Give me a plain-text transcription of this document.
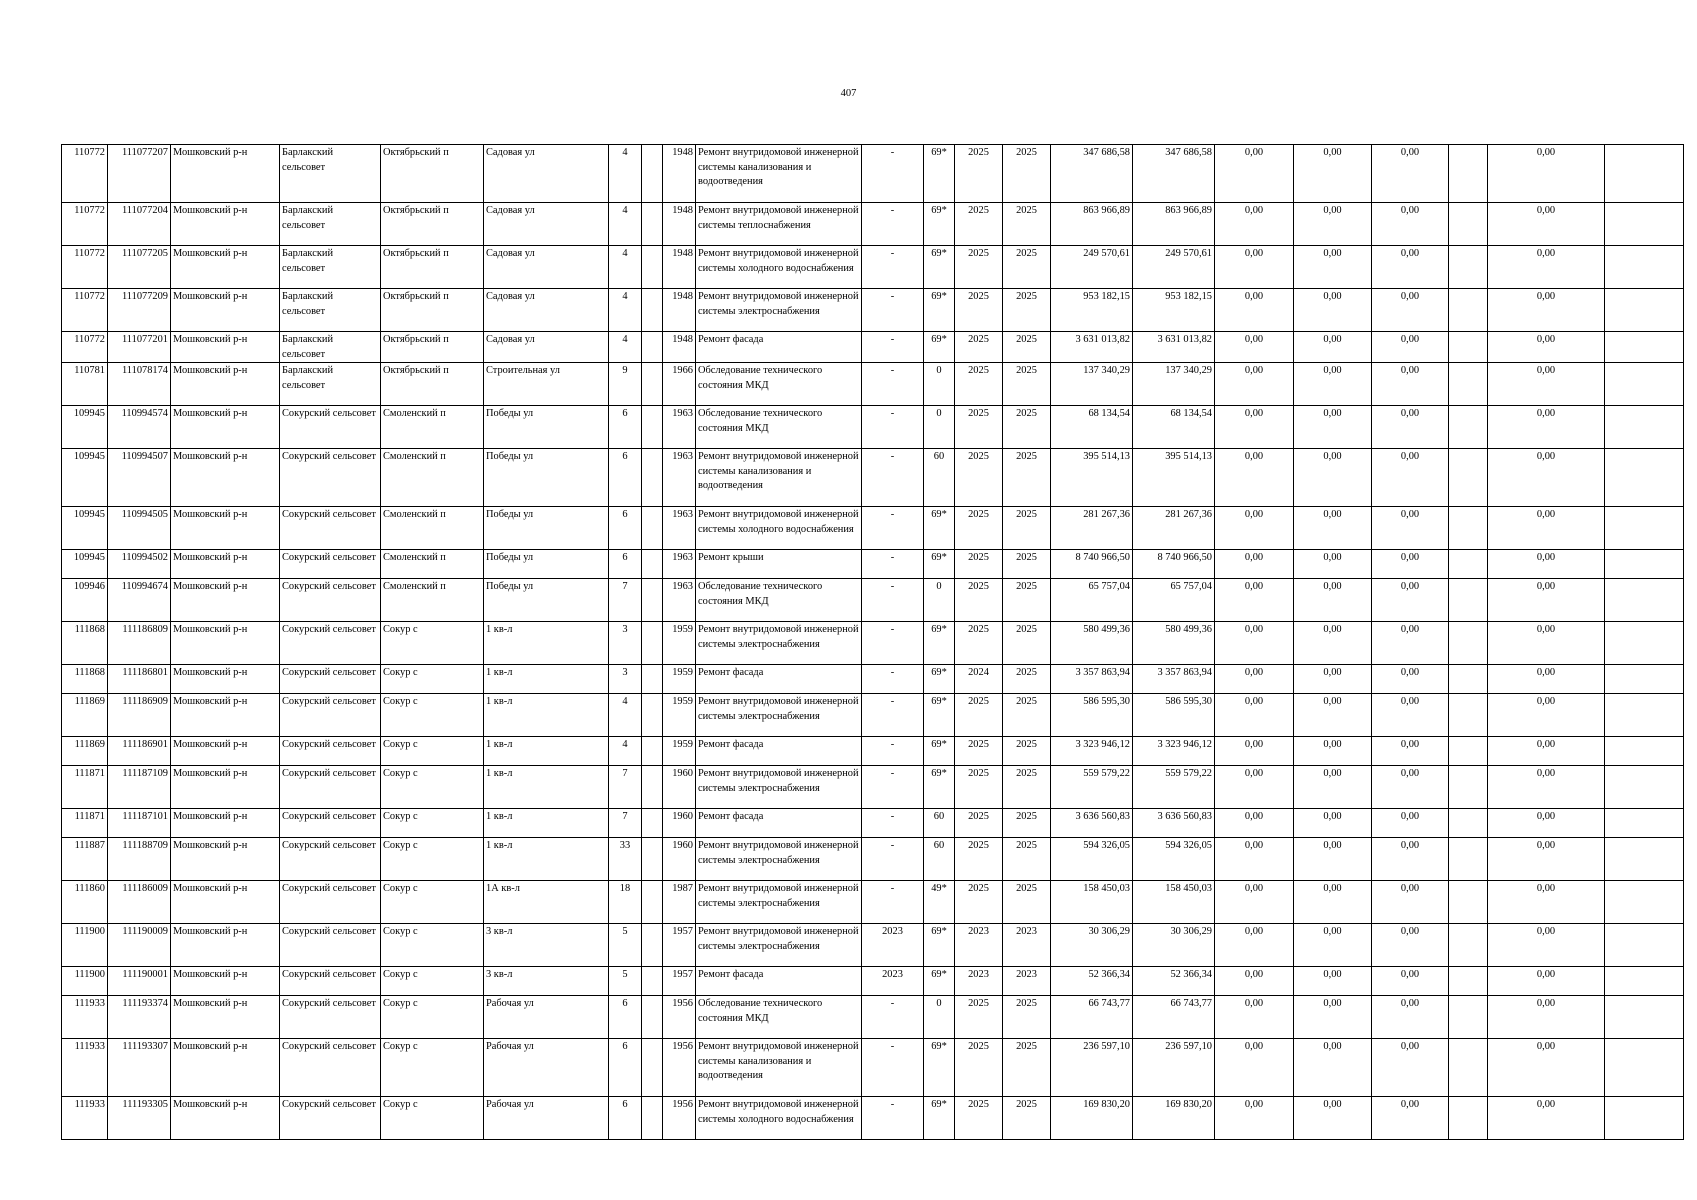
407
110772	111077207	Мошковский р-н	Барлакский сельсовет	Октябрьский п	Садовая ул	4		1948	Ремонт внутридомовой инженерной системы канализования и водоотведения	-	69*	2025	2025	347 686,58	347 686,58	0,00	0,00	0,00		0,00	
110772	111077204	Мошковский р-н	Барлакский сельсовет	Октябрьский п	Садовая ул	4		1948	Ремонт внутридомовой инженерной системы теплоснабжения	-	69*	2025	2025	863 966,89	863 966,89	0,00	0,00	0,00		0,00	
110772	111077205	Мошковский р-н	Барлакский сельсовет	Октябрьский п	Садовая ул	4		1948	Ремонт внутридомовой инженерной системы холодного водоснабжения	-	69*	2025	2025	249 570,61	249 570,61	0,00	0,00	0,00		0,00	
110772	111077209	Мошковский р-н	Барлакский сельсовет	Октябрьский п	Садовая ул	4		1948	Ремонт внутридомовой инженерной системы электроснабжения	-	69*	2025	2025	953 182,15	953 182,15	0,00	0,00	0,00		0,00	
110772	111077201	Мошковский р-н	Барлакский сельсовет	Октябрьский п	Садовая ул	4		1948	Ремонт фасада	-	69*	2025	2025	3 631 013,82	3 631 013,82	0,00	0,00	0,00		0,00	
110781	111078174	Мошковский р-н	Барлакский сельсовет	Октябрьский п	Строительная ул	9		1966	Обследование технического состояния МКД	-	0	2025	2025	137 340,29	137 340,29	0,00	0,00	0,00		0,00	
109945	110994574	Мошковский р-н	Сокурский сельсовет	Смоленский п	Победы ул	6		1963	Обследование технического состояния МКД	-	0	2025	2025	68 134,54	68 134,54	0,00	0,00	0,00		0,00	
109945	110994507	Мошковский р-н	Сокурский сельсовет	Смоленский п	Победы ул	6		1963	Ремонт внутридомовой инженерной системы канализования и водоотведения	-	60	2025	2025	395 514,13	395 514,13	0,00	0,00	0,00		0,00	
109945	110994505	Мошковский р-н	Сокурский сельсовет	Смоленский п	Победы ул	6		1963	Ремонт внутридомовой инженерной системы холодного водоснабжения	-	69*	2025	2025	281 267,36	281 267,36	0,00	0,00	0,00		0,00	
109945	110994502	Мошковский р-н	Сокурский сельсовет	Смоленский п	Победы ул	6		1963	Ремонт крыши	-	69*	2025	2025	8 740 966,50	8 740 966,50	0,00	0,00	0,00		0,00	
109946	110994674	Мошковский р-н	Сокурский сельсовет	Смоленский п	Победы ул	7		1963	Обследование технического состояния МКД	-	0	2025	2025	65 757,04	65 757,04	0,00	0,00	0,00		0,00	
111868	111186809	Мошковский р-н	Сокурский сельсовет	Сокур с	1 кв-л	3		1959	Ремонт внутридомовой инженерной системы электроснабжения	-	69*	2025	2025	580 499,36	580 499,36	0,00	0,00	0,00		0,00	
111868	111186801	Мошковский р-н	Сокурский сельсовет	Сокур с	1 кв-л	3		1959	Ремонт фасада	-	69*	2024	2025	3 357 863,94	3 357 863,94	0,00	0,00	0,00		0,00	
111869	111186909	Мошковский р-н	Сокурский сельсовет	Сокур с	1 кв-л	4		1959	Ремонт внутридомовой инженерной системы электроснабжения	-	69*	2025	2025	586 595,30	586 595,30	0,00	0,00	0,00		0,00	
111869	111186901	Мошковский р-н	Сокурский сельсовет	Сокур с	1 кв-л	4		1959	Ремонт фасада	-	69*	2025	2025	3 323 946,12	3 323 946,12	0,00	0,00	0,00		0,00	
111871	111187109	Мошковский р-н	Сокурский сельсовет	Сокур с	1 кв-л	7		1960	Ремонт внутридомовой инженерной системы электроснабжения	-	69*	2025	2025	559 579,22	559 579,22	0,00	0,00	0,00		0,00	
111871	111187101	Мошковский р-н	Сокурский сельсовет	Сокур с	1 кв-л	7		1960	Ремонт фасада	-	60	2025	2025	3 636 560,83	3 636 560,83	0,00	0,00	0,00		0,00	
111887	111188709	Мошковский р-н	Сокурский сельсовет	Сокур с	1 кв-л	33		1960	Ремонт внутридомовой инженерной системы электроснабжения	-	60	2025	2025	594 326,05	594 326,05	0,00	0,00	0,00		0,00	
111860	111186009	Мошковский р-н	Сокурский сельсовет	Сокур с	1А кв-л	18		1987	Ремонт внутридомовой инженерной системы электроснабжения	-	49*	2025	2025	158 450,03	158 450,03	0,00	0,00	0,00		0,00	
111900	111190009	Мошковский р-н	Сокурский сельсовет	Сокур с	3 кв-л	5		1957	Ремонт внутридомовой инженерной системы электроснабжения	2023	69*	2023	2023	30 306,29	30 306,29	0,00	0,00	0,00		0,00	
111900	111190001	Мошковский р-н	Сокурский сельсовет	Сокур с	3 кв-л	5		1957	Ремонт фасада	2023	69*	2023	2023	52 366,34	52 366,34	0,00	0,00	0,00		0,00	
111933	111193374	Мошковский р-н	Сокурский сельсовет	Сокур с	Рабочая ул	6		1956	Обследование технического состояния МКД	-	0	2025	2025	66 743,77	66 743,77	0,00	0,00	0,00		0,00	
111933	111193307	Мошковский р-н	Сокурский сельсовет	Сокур с	Рабочая ул	6		1956	Ремонт внутридомовой инженерной системы канализования и водоотведения	-	69*	2025	2025	236 597,10	236 597,10	0,00	0,00	0,00		0,00	
111933	111193305	Мошковский р-н	Сокурский сельсовет	Сокур с	Рабочая ул	6		1956	Ремонт внутридомовой инженерной системы холодного водоснабжения	-	69*	2025	2025	169 830,20	169 830,20	0,00	0,00	0,00		0,00	
